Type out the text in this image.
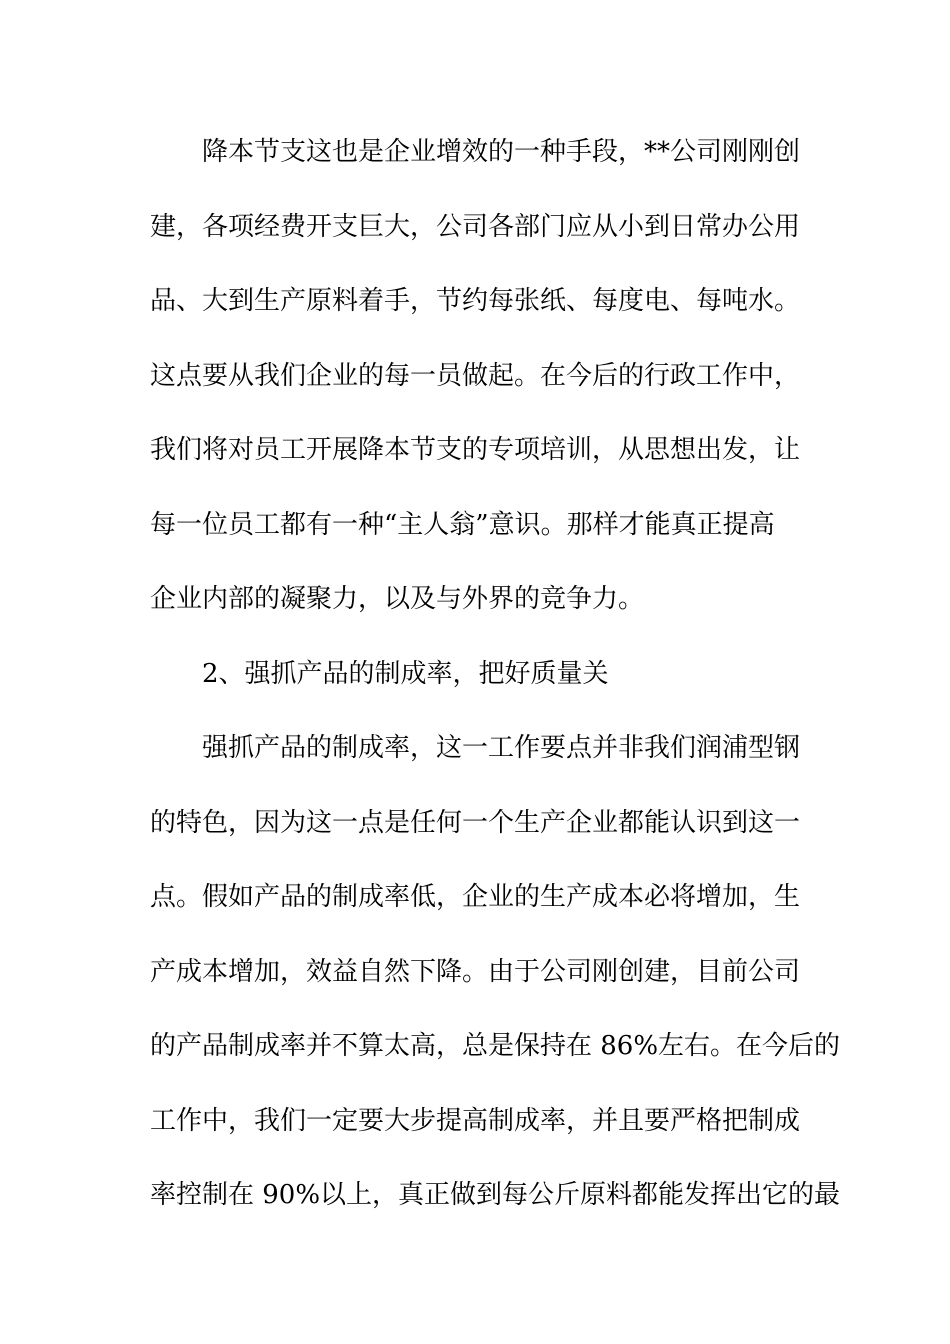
降本节支这也是企业增效的一种手段，**公司刚刚创
建，各项经费开支巨大，公司各部门应从小到日常办公用
品、大到生产原料着手，节约每张纸、每度电、每吨水。
这点要从我们企业的每一员做起。在今后的行政工作中，
我们将对员工开展降本节支的专项培训，从思想出发，让
每一位员工都有一种“主人翁”意识。那样才能真正提高
企业内部的凝聚力，以及与外界的竞争力。
2、强抓产品的制成率，把好质量关
强抓产品的制成率，这一工作要点并非我们润浦型钢
的特色，因为这一点是任何一个生产企业都能认识到这一
点。假如产品的制成率低，企业的生产成本必将增加，生
产成本增加，效益自然下降。由于公司刚创建，目前公司
的产品制成率并不算太高，总是保持在 86%左右。在今后的
工作中，我们一定要大步提高制成率，并且要严格把制成
率控制在 90%以上，真正做到每公斤原料都能发挥出它的最
